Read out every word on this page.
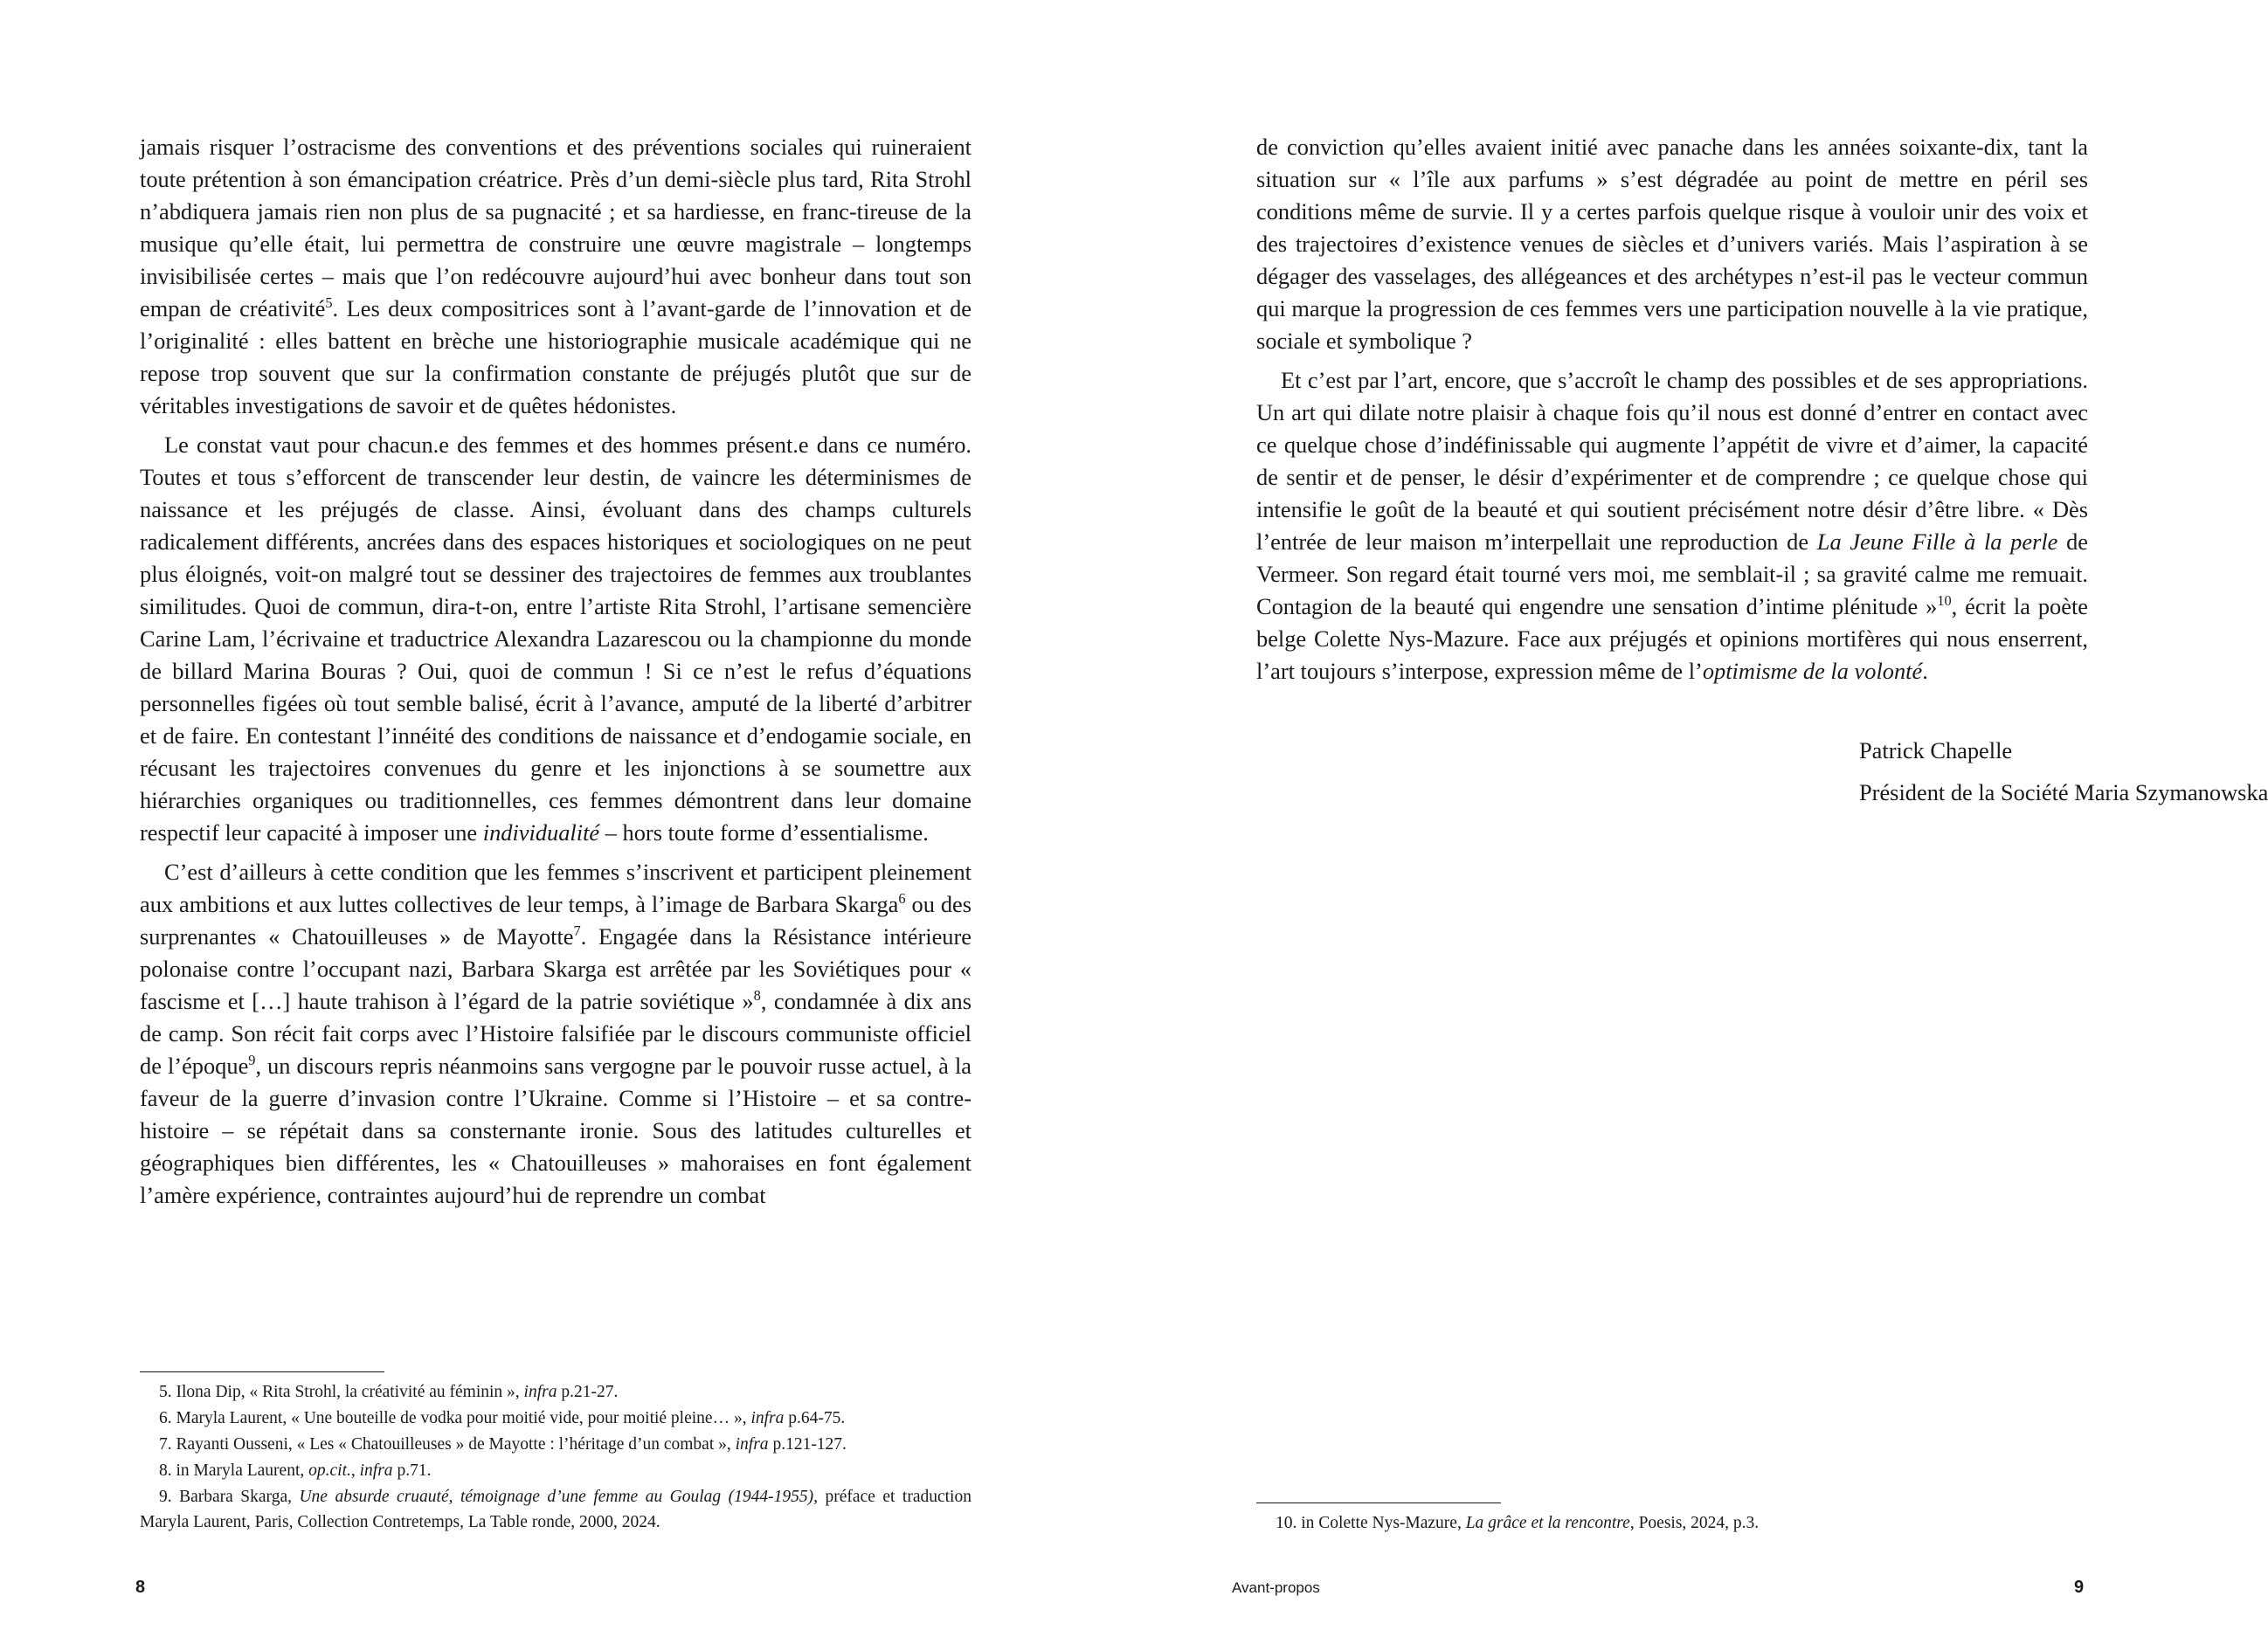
jamais risquer l’ostracisme des conventions et des préventions sociales qui ruineraient toute prétention à son émancipation créatrice. Près d’un demi-siècle plus tard, Rita Strohl n’abdiquera jamais rien non plus de sa pugnacité ; et sa hardiesse, en franc-tireuse de la musique qu’elle était, lui permettra de construire une œuvre magistrale – longtemps invisibilisée certes – mais que l’on redécouvre aujourd’hui avec bonheur dans tout son empan de créativité$^5$. Les deux compositrices sont à l’avant-garde de l’innovation et de l’originalité : elles battent en brèche une historiographie musicale académique qui ne repose trop souvent que sur la confirmation constante de préjugés plutôt que sur de véritables investigations de savoir et de quêtes hédonistes.

Le constat vaut pour chacun.e des femmes et des hommes présent.e dans ce numéro. Toutes et tous s’efforcent de transcender leur destin, de vaincre les déterminismes de naissance et les préjugés de classe. Ainsi, évoluant dans des champs culturels radicalement différents, ancrées dans des espaces historiques et sociologiques on ne peut plus éloignés, voit-on malgré tout se dessiner des trajectoires de femmes aux troublantes similitudes. Quoi de commun, dira-t-on, entre l’artiste Rita Strohl, l’artisane semencière Carine Lam, l’écrivaine et traductrice Alexandra Lazarescou ou la championne du monde de billard Marina Bouras ? Oui, quoi de commun ! Si ce n’est le refus d’équations personnelles figées où tout semble balisé, écrit à l’avance, amputé de la liberté d’arbitrer et de faire. En contestant l’innéité des conditions de naissance et d’endogamie sociale, en récusant les trajectoires convenues du genre et les injonctions à se soumettre aux hiérarchies organiques ou traditionnelles, ces femmes démontrent dans leur domaine respectif leur capacité à imposer une individualité – hors toute forme d’essentialisme.

C’est d’ailleurs à cette condition que les femmes s’inscrivent et participent pleinement aux ambitions et aux luttes collectives de leur temps, à l’image de Barbara Skarga$^6$ ou des surprenantes « Chatouilleuses » de Mayotte$^7$. Engagée dans la Résistance intérieure polonaise contre l’occupant nazi, Barbara Skarga est arrêtée par les Soviétiques pour « fascisme et […] haute trahison à l’égard de la patrie soviétique »$^8$, condamnée à dix ans de camp. Son récit fait corps avec l’Histoire falsifiée par le discours communiste officiel de l’époque$^9$, un discours repris néanmoins sans vergogne par le pouvoir russe actuel, à la faveur de la guerre d’invasion contre l’Ukraine. Comme si l’Histoire – et sa contre-histoire – se répétait dans sa consternante ironie. Sous des latitudes culturelles et géographiques bien différentes, les « Chatouilleuses » mahoraises en font également l’amère expérience, contraintes aujourd’hui de reprendre un combat

5. Ilona Dip, « Rita Strohl, la créativité au féminin », infra p.21-27.

6. Maryla Laurent, « Une bouteille de vodka pour moitié vide, pour moitié pleine… », infra p.64-75.

7. Rayanti Ousseni, « Les « Chatouilleuses » de Mayotte : l’héritage d’un combat », infra p.121-127.

8. in Maryla Laurent, op.cit., infra p.71.

9. Barbara Skarga, Une absurde cruauté, témoignage d’une femme au Goulag (1944-1955), préface et traduction Maryla Laurent, Paris, Collection Contretemps, La Table ronde, 2000, 2024.

8

de conviction qu’elles avaient initié avec panache dans les années soixante-dix, tant la situation sur « l’île aux parfums » s’est dégradée au point de mettre en péril ses conditions même de survie. Il y a certes parfois quelque risque à vouloir unir des voix et des trajectoires d’existence venues de siècles et d’univers variés. Mais l’aspiration à se dégager des vasselages, des allégeances et des archétypes n’est-il pas le vecteur commun qui marque la progression de ces femmes vers une participation nouvelle à la vie pratique, sociale et symbolique ?

Et c’est par l’art, encore, que s’accroît le champ des possibles et de ses appropriations. Un art qui dilate notre plaisir à chaque fois qu’il nous est donné d’entrer en contact avec ce quelque chose d’indéfinissable qui augmente l’appétit de vivre et d’aimer, la capacité de sentir et de penser, le désir d’expérimenter et de comprendre ; ce quelque chose qui intensifie le goût de la beauté et qui soutient précisément notre désir d’être libre. « Dès l’entrée de leur maison m’interpellait une reproduction de La Jeune Fille à la perle de Vermeer. Son regard était tourné vers moi, me semblait-il ; sa gravité calme me remuait. Contagion de la beauté qui engendre une sensation d’intime plénitude »$^{10}$, écrit la poète belge Colette Nys-Mazure. Face aux préjugés et opinions mortifères qui nous enserrent, l’art toujours s’interpose, expression même de l’optimisme de la volonté.

Patrick Chapelle
Président de la Société Maria Szymanowska

10. in Colette Nys-Mazure, La grâce et la rencontre, Poesis, 2024, p.3.

Avant-propos	9
